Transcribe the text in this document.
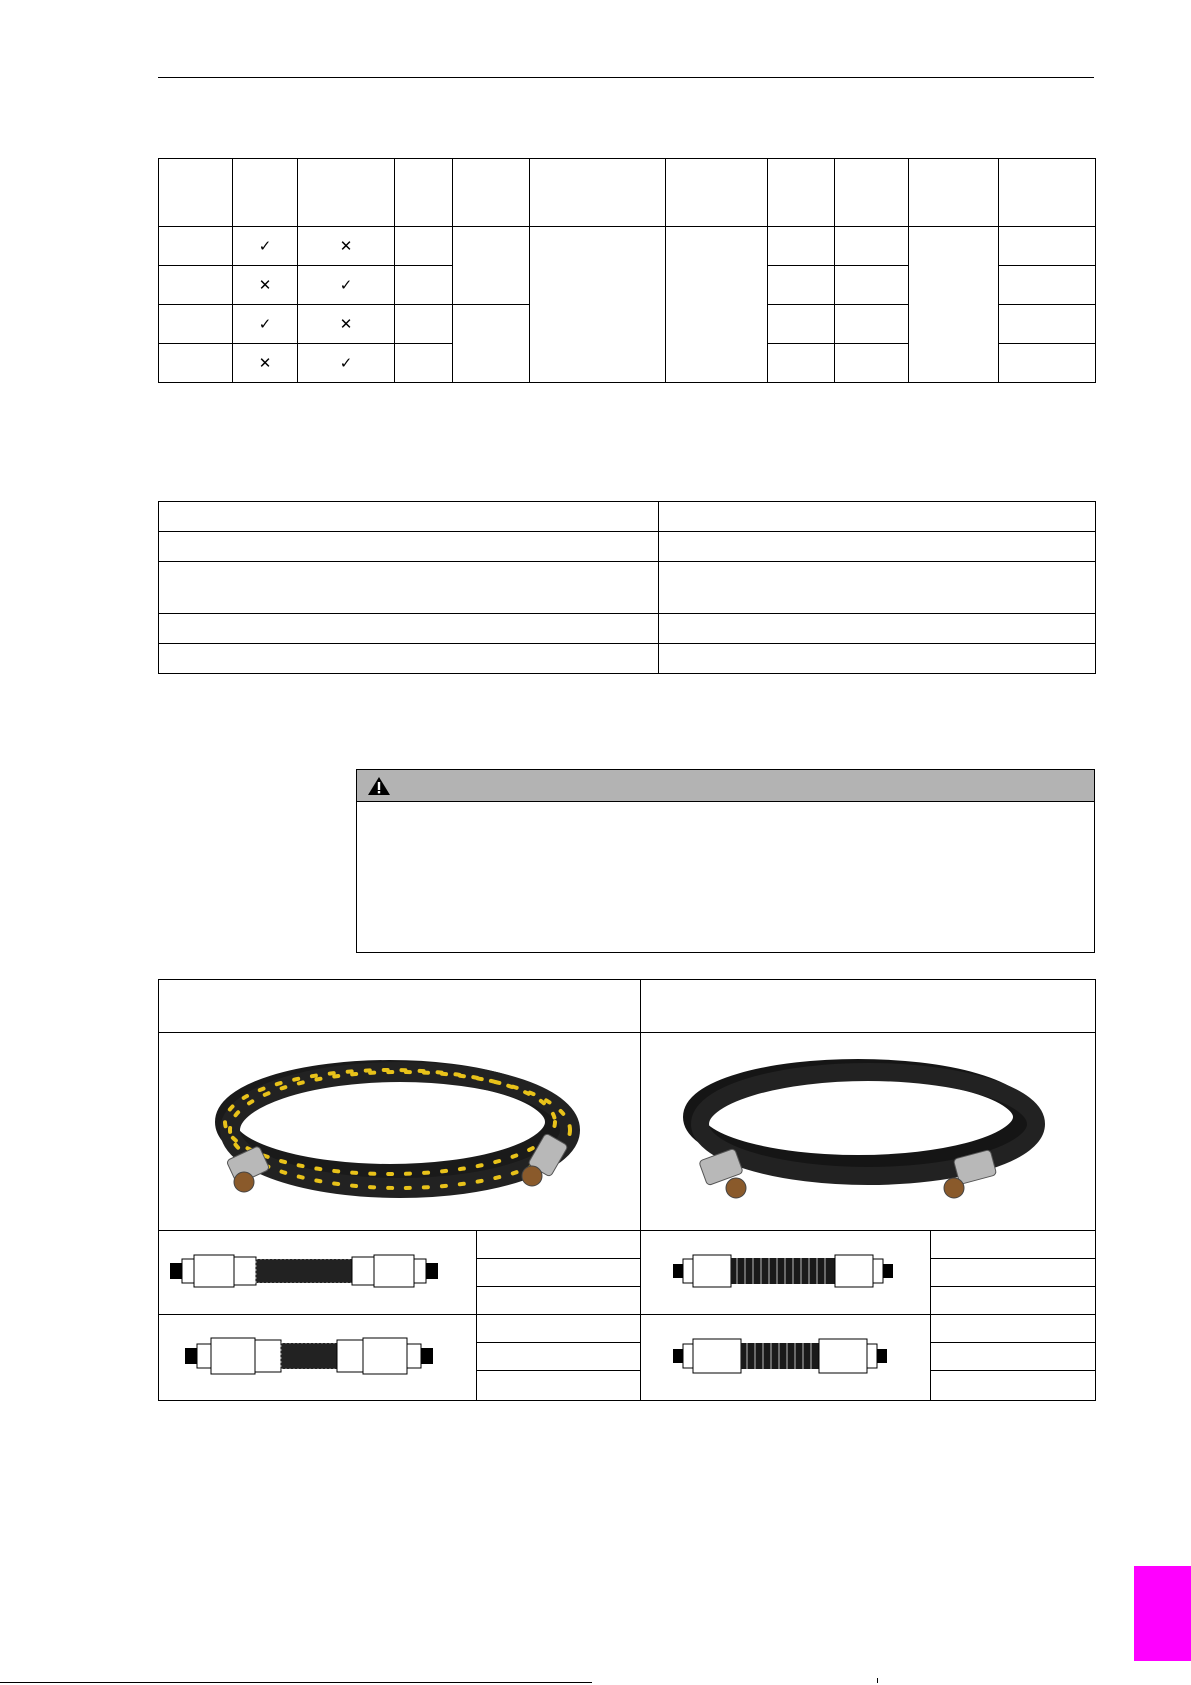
	✓	✕								
	✕	✓								
	✓	✕								
	✕	✓								
